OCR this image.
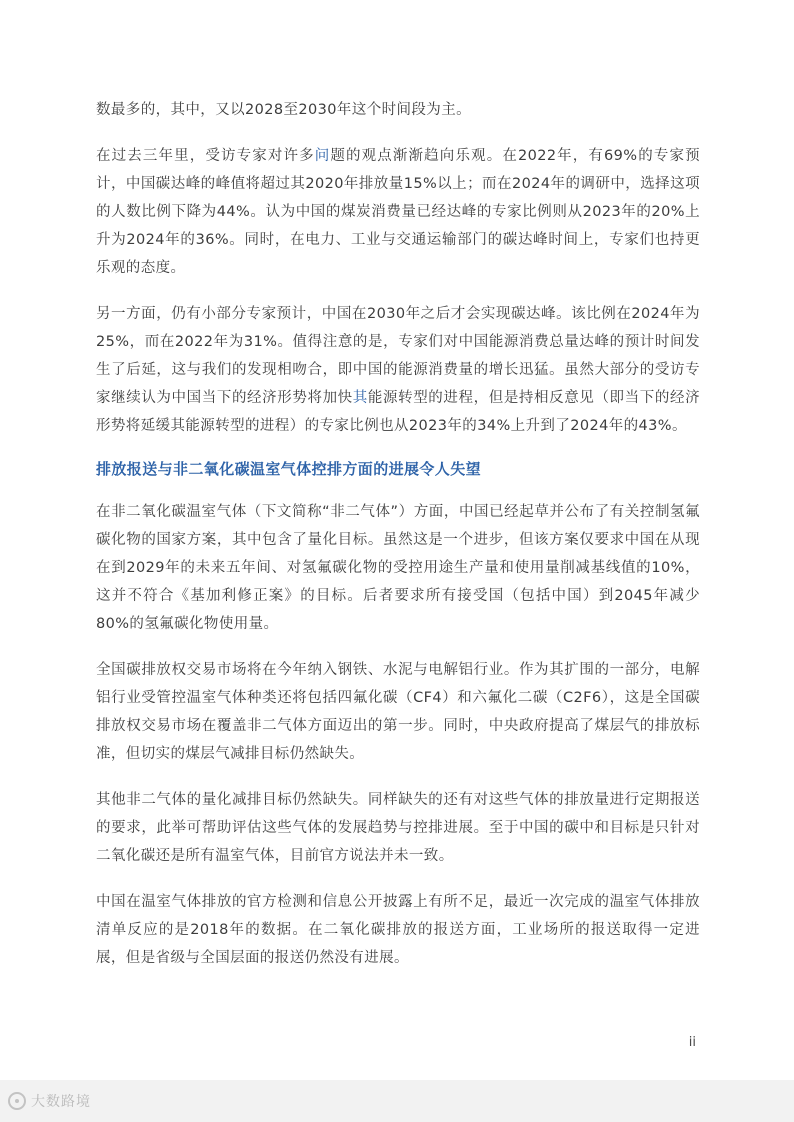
数最多的，其中，又以2028至2030年这个时间段为主。

在过去三年里，受访专家对许多问题的观点渐渐趋向乐观。在2022年，有69%的专家预计，中国碳达峰的峰值将超过其2020年排放量15%以上；而在2024年的调研中，选择这项的人数比例下降为44%。认为中国的煤炭消费量已经达峰的专家比例则从2023年的20%上升为2024年的36%。同时，在电力、工业与交通运输部门的碳达峰时间上，专家们也持更乐观的态度。

另一方面，仍有小部分专家预计，中国在2030年之后才会实现碳达峰。该比例在2024年为25%，而在2022年为31%。值得注意的是，专家们对中国能源消费总量达峰的预计时间发生了后延，这与我们的发现相吻合，即中国的能源消费量的增长迅猛。虽然大部分的受访专家继续认为中国当下的经济形势将加快其能源转型的进程，但是持相反意见（即当下的经济形势将延缓其能源转型的进程）的专家比例也从2023年的34%上升到了2024年的43%。

排放报送与非二氧化碳温室气体控排方面的进展令人失望

在非二氧化碳温室气体（下文简称“非二气体”）方面，中国已经起草并公布了有关控制氢氟碳化物的国家方案，其中包含了量化目标。虽然这是一个进步，但该方案仅要求中国在从现在到2029年的未来五年间、对氢氟碳化物的受控用途生产量和使用量削减基线值的10%，这并不符合《基加利修正案》的目标。后者要求所有接受国（包括中国）到2045年减少80%的氢氟碳化物使用量。

全国碳排放权交易市场将在今年纳入钢铁、水泥与电解铝行业。作为其扩围的一部分，电解铝行业受管控温室气体种类还将包括四氟化碳（CF4）和六氟化二碳（C2F6），这是全国碳排放权交易市场在覆盖非二气体方面迈出的第一步。同时，中央政府提高了煤层气的排放标准，但切实的煤层气减排目标仍然缺失。

其他非二气体的量化减排目标仍然缺失。同样缺失的还有对这些气体的排放量进行定期报送的要求，此举可帮助评估这些气体的发展趋势与控排进展。至于中国的碳中和目标是只针对二氧化碳还是所有温室气体，目前官方说法并未一致。

中国在温室气体排放的官方检测和信息公开披露上有所不足，最近一次完成的温室气体排放清单反应的是2018年的数据。在二氧化碳排放的报送方面，工业场所的报送取得一定进展，但是省级与全国层面的报送仍然没有进展。

ii
大数路境
